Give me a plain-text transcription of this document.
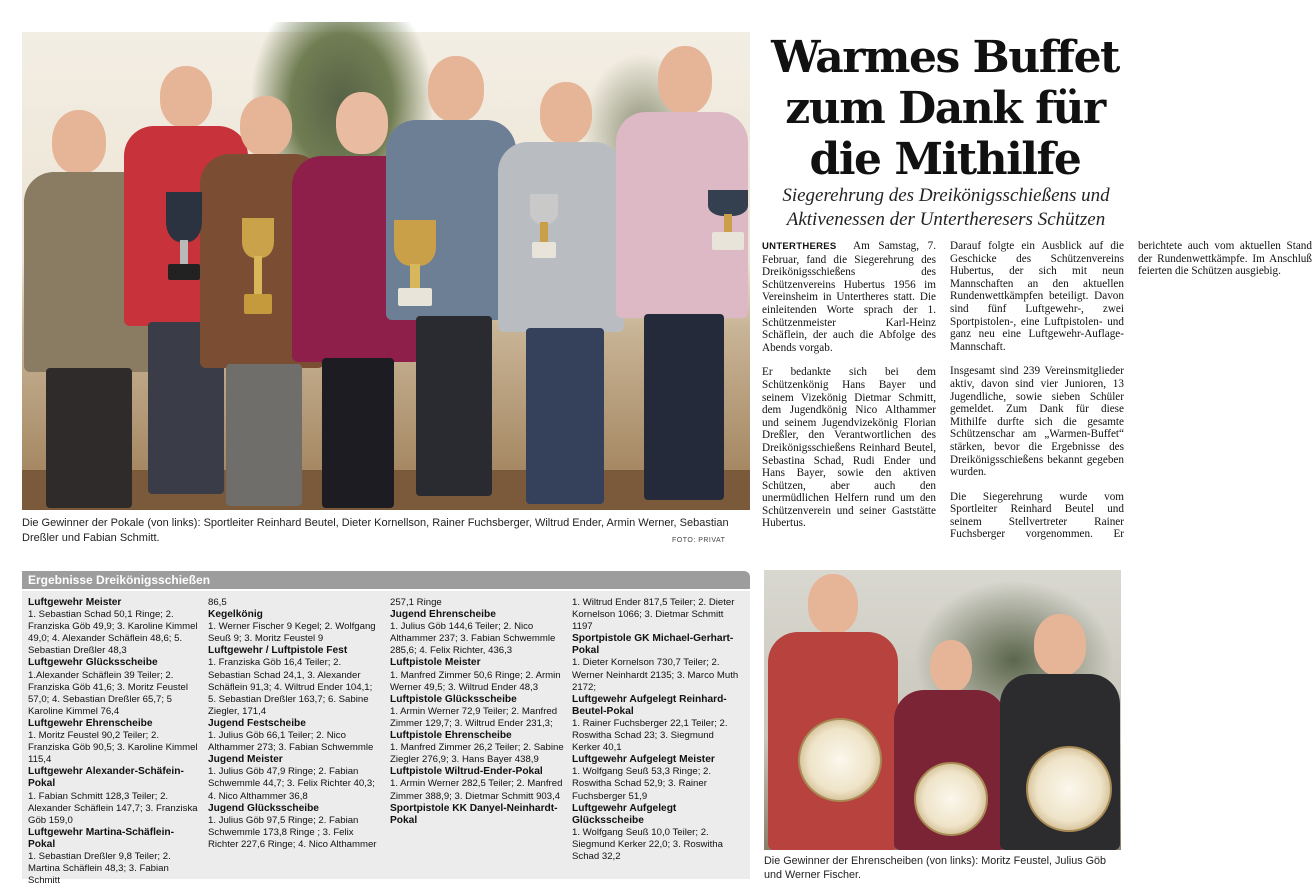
Die Gewinner der Pokale (von links): Sportleiter Reinhard Beutel, Dieter Kornellson, Rainer Fuchsberger, Wiltrud Ender, Armin Werner, Sebastian Dreßler und Fabian Schmitt.	FOTO: PRIVAT
Warmes Buffet
zum Dank für
die Mithilfe
Siegerehrung des Dreikönigsschießens und Aktivenessen der Untertheresers Schützen

UNTERTHERES Am Samstag, 7. Februar, fand die Siegerehrung des Dreikönigsschießens des Schützenvereins Hubertus 1956 im Vereinsheim in Untertheres statt. Die einleitenden Worte sprach der 1. Schützenmeister Karl-Heinz Schäflein, der auch die Abfolge des Abends vorgab.

Er bedankte sich bei dem Schützenkönig Hans Bayer und seinem Vizekönig Dietmar Schmitt, dem Jugendkönig Nico Althammer und seinem Jugendvizekönig Florian Dreßler, den Verantwortlichen des Dreikönigsschießens Reinhard Beutel, Sebastina Schad, Rudi Ender und Hans Bayer, sowie den aktiven Schützen, aber auch den unermüdlichen Helfern rund um den Schützenverein und seiner Gaststätte Hubertus.

Darauf folgte ein Ausblick auf die Geschicke des Schützenvereins Hubertus, der sich mit neun Mannschaften an den aktuellen Rundenwettkämpfen beteiligt. Davon sind fünf Luftgewehr-, zwei Sportpistolen-, eine Luftpistolen- und ganz neu eine Luftgewehr-Auflage-Mannschaft.

Insgesamt sind 239 Vereinsmitglieder aktiv, davon sind vier Junioren, 13 Jugendliche, sowie sieben Schüler gemeldet. Zum Dank für diese Mithilfe durfte sich die gesamte Schützenschar am „Warmen-Buffet“ stärken, bevor die Ergebnisse des Dreikönigsschießens bekannt gegeben wurden.

Die Siegerehrung wurde vom Sportleiter Reinhard Beutel und seinem Stellvertreter Rainer Fuchsberger vorgenommen. Er berichtete auch vom aktuellen Stand der Rundenwettkämpfe. Im Anschluß feierten die Schützen ausgiebig.

Ergebnisse Dreikönigsschießen
Luftgewehr Meister
1. Sebastian Schad 50,1 Ringe; 2. Franziska Göb 49,9; 3. Karoline Kimmel 49,0; 4. Alexander Schäflein 48,6; 5. Sebastian Dreßler 48,3
Luftgewehr Glücksscheibe
1.Alexander Schäflein 39 Teiler; 2. Franziska Göb 41,6; 3. Moritz Feustel 57,0; 4. Sebastian Dreßler 65,7; 5 Karoline Kimmel 76,4
Luftgewehr Ehrenscheibe
1. Moritz Feustel 90,2 Teiler; 2. Franziska Göb 90,5; 3. Karoline Kimmel 115,4
Luftgewehr Alexander-Schäfein-Pokal
1. Fabian Schmitt 128,3 Teiler; 2. Alexander Schäflein 147,7; 3. Franziska Göb 159,0
Luftgewehr Martina-Schäflein-Pokal
1. Sebastian Dreßler 9,8 Teiler; 2. Martina Schäflein 48,3; 3. Fabian Schmitt
86,5
Kegelkönig
1. Werner Fischer 9 Kegel; 2. Wolfgang Seuß 9; 3. Moritz Feustel 9
Luftgewehr / Luftpistole Fest
1. Franziska Göb 16,4 Teiler; 2. Sebastian Schad 24,1, 3. Alexander Schäflein 91,3; 4. Wiltrud Ender 104,1; 5. Sebastian Dreßler 163,7; 6. Sabine Ziegler, 171,4
Jugend Festscheibe
1. Julius Göb 66,1 Teiler; 2. Nico Althammer 273; 3. Fabian Schwemmle
Jugend Meister
1. Julius Göb 47,9 Ringe; 2. Fabian Schwemmle 44,7; 3. Felix Richter 40,3; 4. Nico Althammer 36,8
Jugend Glücksscheibe
1. Julius Göb 97,5 Ringe; 2. Fabian Schwemmle 173,8 Ringe ; 3. Felix Richter 227,6 Ringe; 4. Nico Althammer
257,1 Ringe
Jugend Ehrenscheibe
1. Julius Göb 144,6 Teiler; 2. Nico Althammer 237; 3. Fabian Schwemmle 285,6; 4. Felix Richter, 436,3
Luftpistole Meister
1. Manfred Zimmer 50,6 Ringe; 2. Armin Werner 49,5; 3. Wiltrud Ender 48,3
Luftpistole Glücksscheibe
1. Armin Werner 72,9 Teiler; 2. Manfred Zimmer 129,7; 3. Wiltrud Ender 231,3;
Luftpistole Ehrenscheibe
1. Manfred Zimmer 26,2 Teiler; 2. Sabine Ziegler 276,9; 3. Hans Bayer 438,9
Luftpistole Wiltrud-Ender-Pokal
1. Armin Werner 282,5 Teiler; 2. Manfred Zimmer 388,9; 3. Dietmar Schmitt 903,4
Sportpistole KK Danyel-Neinhardt-Pokal
1. Wiltrud Ender 817,5 Teiler; 2. Dieter Kornelson 1066; 3. Dietmar Schmitt 1197
Sportpistole GK Michael-Gerhart-Pokal
1. Dieter Kornelson 730,7 Teiler; 2. Werner Neinhardt 2135; 3. Marco Muth 2172;
Luftgewehr Aufgelegt Reinhard-Beutel-Pokal
1. Rainer Fuchsberger 22,1 Teiler; 2. Roswitha Schad 23; 3. Siegmund Kerker 40,1
Luftgewehr Aufgelegt Meister
1. Wolfgang Seuß 53,3 Ringe; 2. Roswitha Schad 52,9; 3. Rainer Fuchsberger 51,9
Luftgewehr Aufgelegt Glücksscheibe
1. Wolfgang Seuß 10,0 Teiler; 2. Siegmund Kerker 22,0; 3. Roswitha Schad 32,2	Die Gewinner der Ehrenscheiben (von links): Moritz Feustel, Julius Göb und Werner Fischer.
